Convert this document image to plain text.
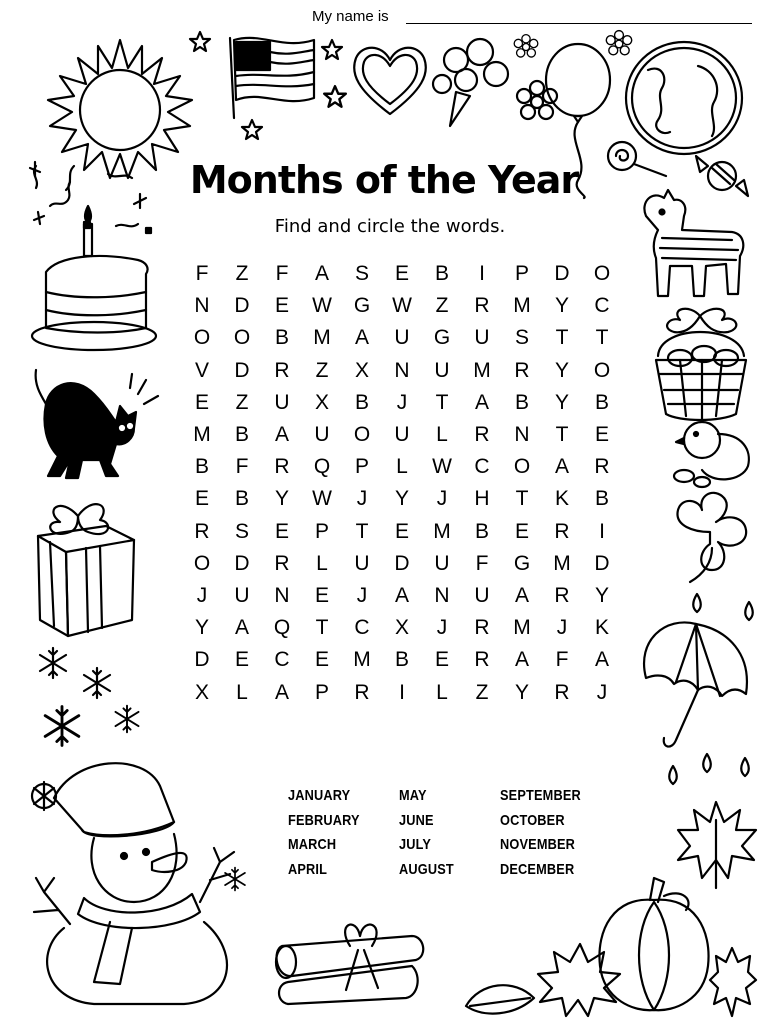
My name is
Months of the Year
Find and circle the words.
F	Z	F	A	S	E	B	I	P	D	O
N	D	E	W	G	W	Z	R	M	Y	C
O	O	B	M	A	U	G	U	S	T	T
V	D	R	Z	X	N	U	M	R	Y	O
E	Z	U	X	B	J	T	A	B	Y	B
M	B	A	U	O	U	L	R	N	T	E
B	F	R	Q	P	L	W	C	O	A	R
E	B	Y	W	J	Y	J	H	T	K	B
R	S	E	P	T	E	M	B	E	R	I
O	D	R	L	U	D	U	F	G	M	D
J	U	N	E	J	A	N	U	A	R	Y
Y	A	Q	T	C	X	J	R	M	J	K
D	E	C	E	M	B	E	R	A	F	A
X	L	A	P	R	I	L	Z	Y	R	J
JANUARY
FEBRUARY
MARCH
APRIL
MAY
JUNE
JULY
AUGUST
SEPTEMBER
OCTOBER
NOVEMBER
DECEMBER
